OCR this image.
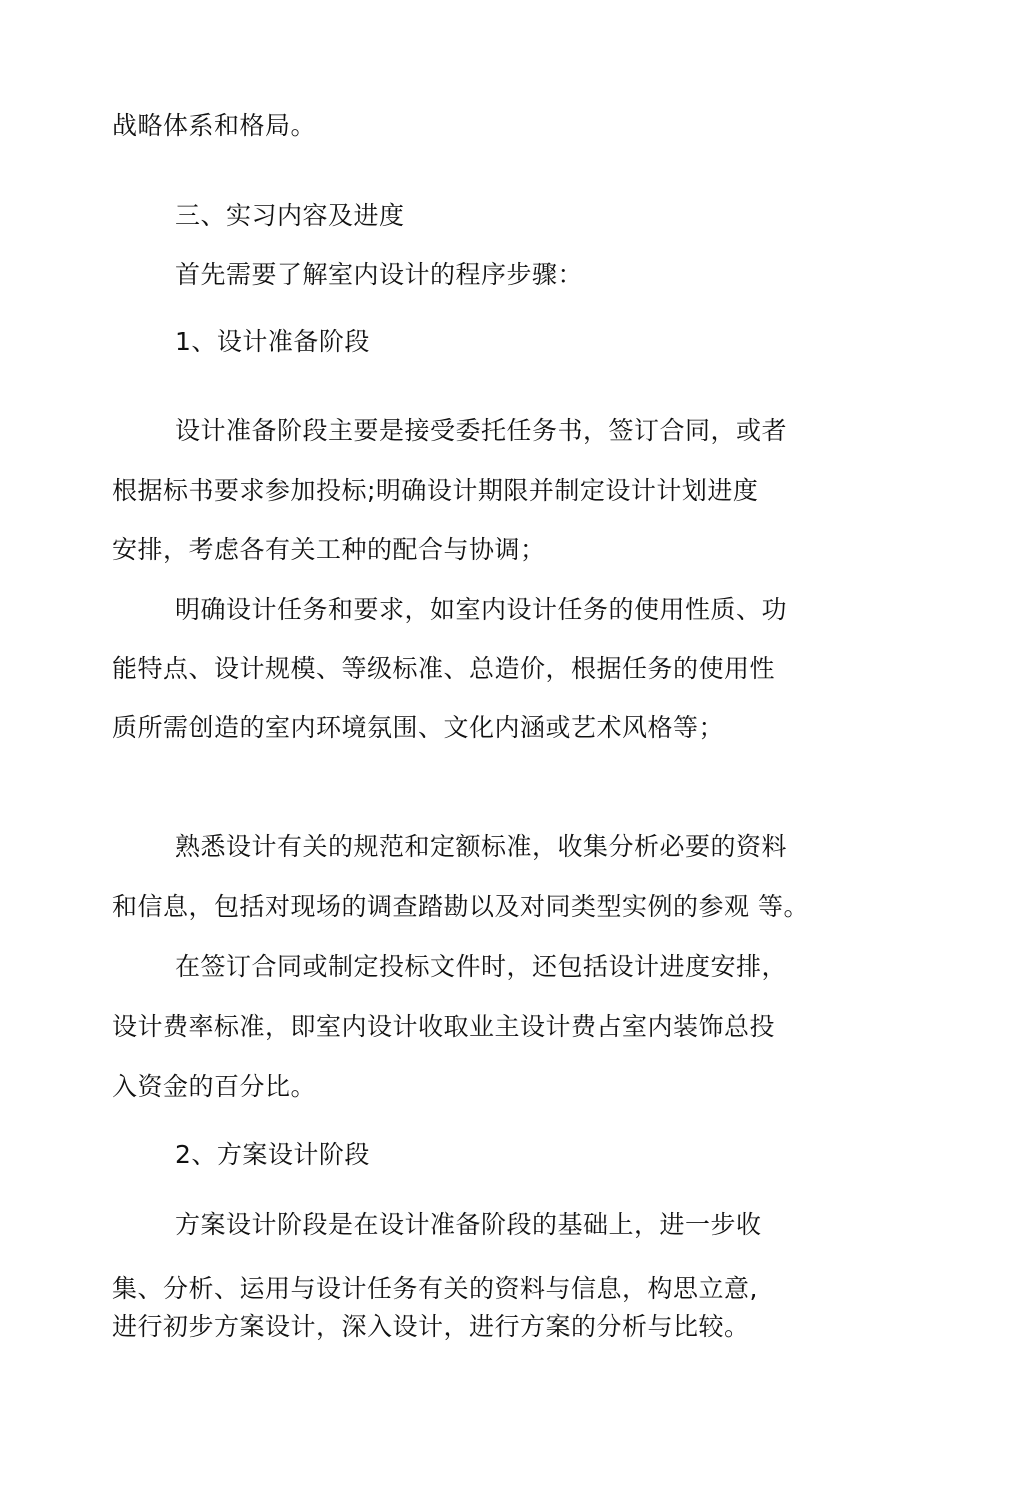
战略体系和格局。
三、实习内容及进度
首先需要了解室内设计的程序步骤：
1、设计准备阶段
设计准备阶段主要是接受委托任务书，签订合同，或者
根据标书要求参加投标;明确设计期限并制定设计计划进度
安排，考虑各有关工种的配合与协调；
明确设计任务和要求，如室内设计任务的使用性质、功
能特点、设计规模、等级标准、总造价，根据任务的使用性
质所需创造的室内环境氛围、文化内涵或艺术风格等；
熟悉设计有关的规范和定额标准，收集分析必要的资料
和信息，包括对现场的调查踏勘以及对同类型实例的参观 等。
在签订合同或制定投标文件时，还包括设计进度安排，
设计费率标准，即室内设计收取业主设计费占室内装饰总投
入资金的百分比。
2、方案设计阶段
方案设计阶段是在设计准备阶段的基础上，进一步收
集、分析、运用与设计任务有关的资料与信息，构思立意,
进行初步方案设计，深入设计，进行方案的分析与比较。
